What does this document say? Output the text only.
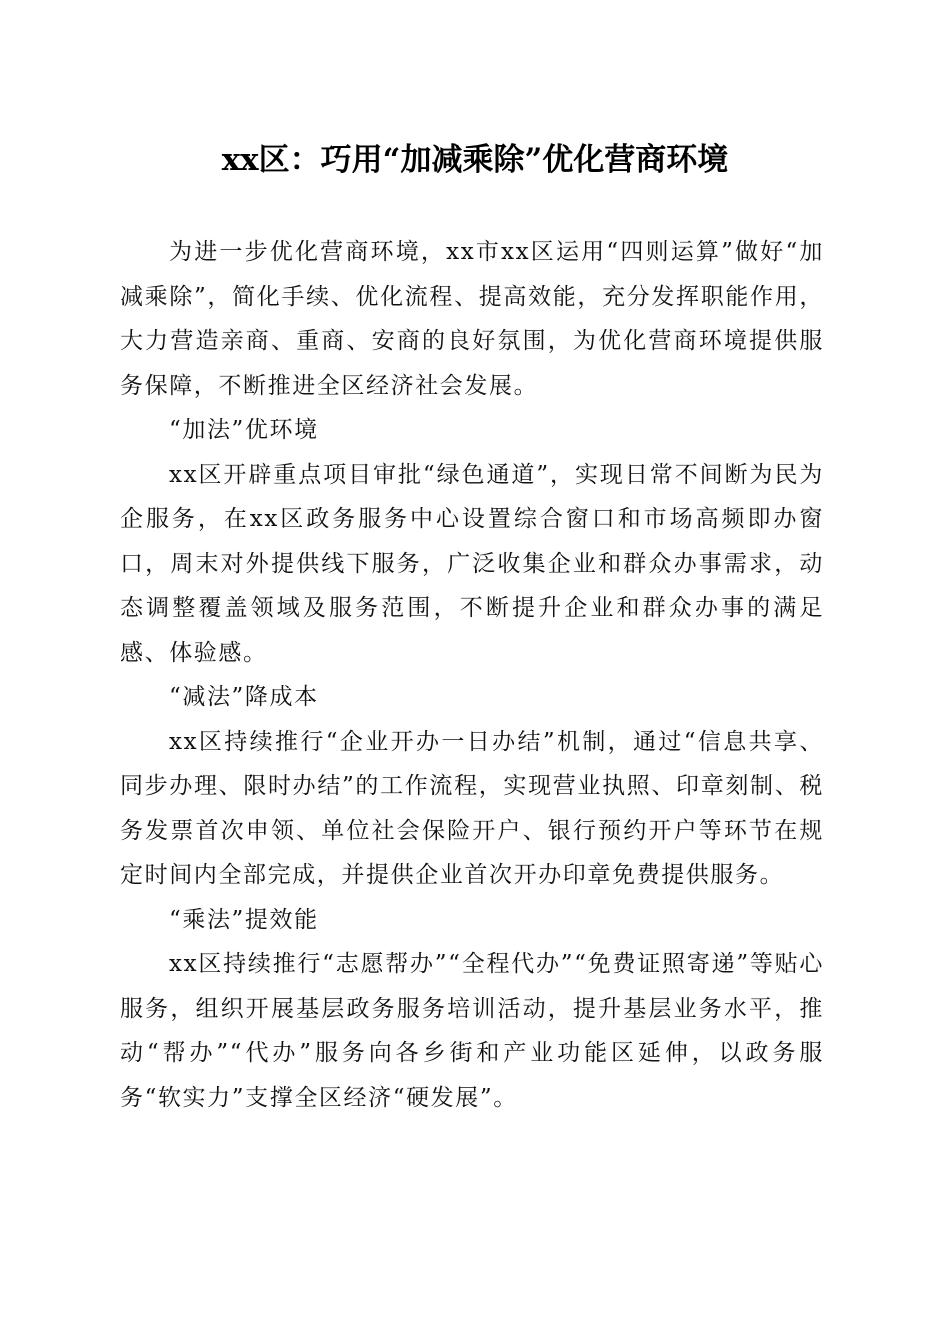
xx区：巧用“加减乘除”优化营商环境

为进一步优化营商环境，xx市xx区运用“四则运算”做好“加减乘除”，简化手续、优化流程、提高效能，充分发挥职能作用，大力营造亲商、重商、安商的良好氛围，为优化营商环境提供服务保障，不断推进全区经济社会发展。

“加法”优环境

xx区开辟重点项目审批“绿色通道”，实现日常不间断为民为企服务，在xx区政务服务中心设置综合窗口和市场高频即办窗口，周末对外提供线下服务，广泛收集企业和群众办事需求，动态调整覆盖领域及服务范围，不断提升企业和群众办事的满足感、体验感。

“减法”降成本

xx区持续推行“企业开办一日办结”机制，通过“信息共享、同步办理、限时办结”的工作流程，实现营业执照、印章刻制、税务发票首次申领、单位社会保险开户、银行预约开户等环节在规定时间内全部完成，并提供企业首次开办印章免费提供服务。

“乘法”提效能

xx区持续推行“志愿帮办”“全程代办”“免费证照寄递”等贴心服务，组织开展基层政务服务培训活动，提升基层业务水平，推动“帮办”“代办”服务向各乡街和产业功能区延伸，以政务服务“软实力”支撑全区经济“硬发展”。
